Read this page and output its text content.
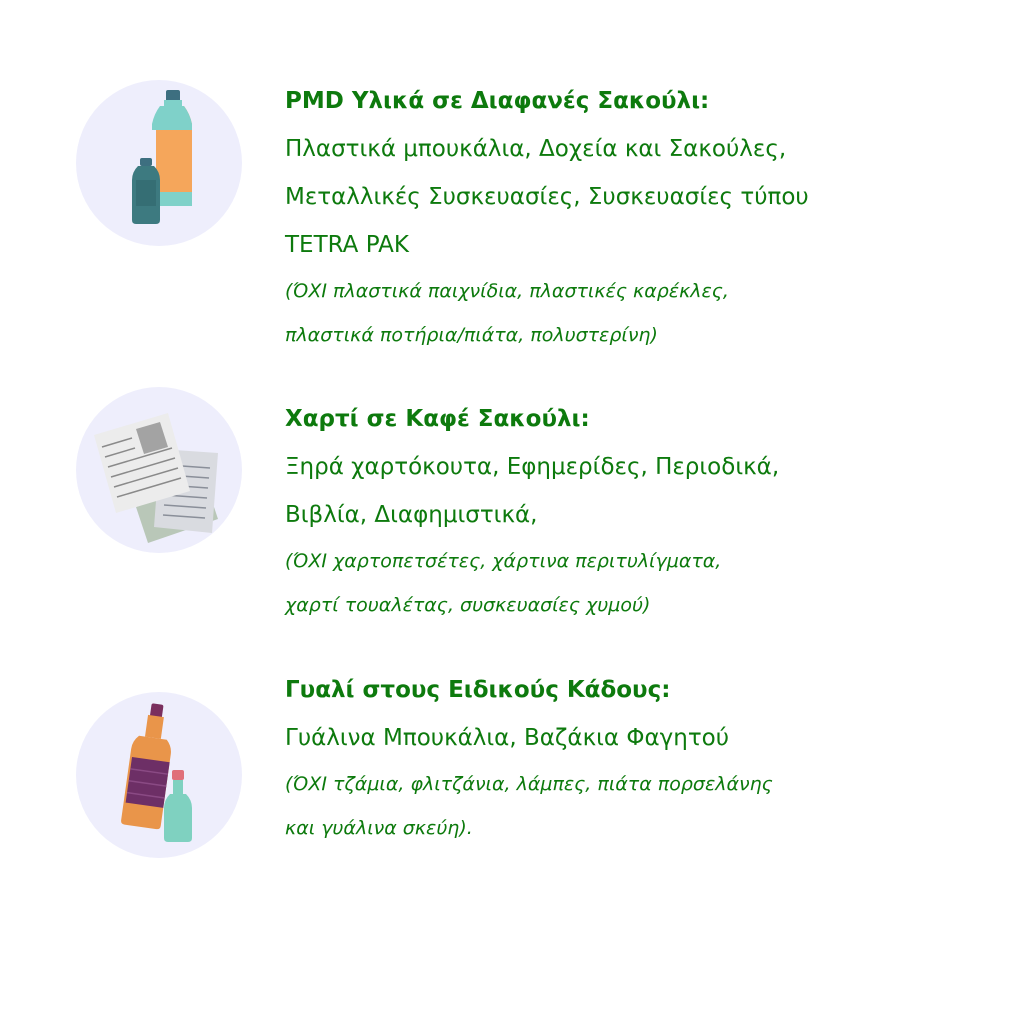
PMD Υλικά σε Διαφανές Σακούλι:
Πλαστικά μπουκάλια, Δοχεία και Σακούλες,
Μεταλλικές Συσκευασίες, Συσκευασίες τύπου
TETRA PAK
(ΌΧΙ πλαστικά παιχνίδια, πλαστικές καρέκλες,
πλαστικά ποτήρια/πιάτα, πολυστερίνη)
Χαρτί σε Καφέ Σακούλι:
Ξηρά χαρτόκουτα, Εφημερίδες, Περιοδικά,
Βιβλία, Διαφημιστικά,
(ΌΧΙ χαρτοπετσέτες, χάρτινα περιτυλίγματα,
χαρτί τουαλέτας, συσκευασίες χυμού)
Γυαλί στους Ειδικούς Κάδους:
Γυάλινα Μπουκάλια, Βαζάκια Φαγητού
(ΌΧΙ τζάμια, φλιτζάνια, λάμπες, πιάτα πορσελάνης
και γυάλινα σκεύη).
